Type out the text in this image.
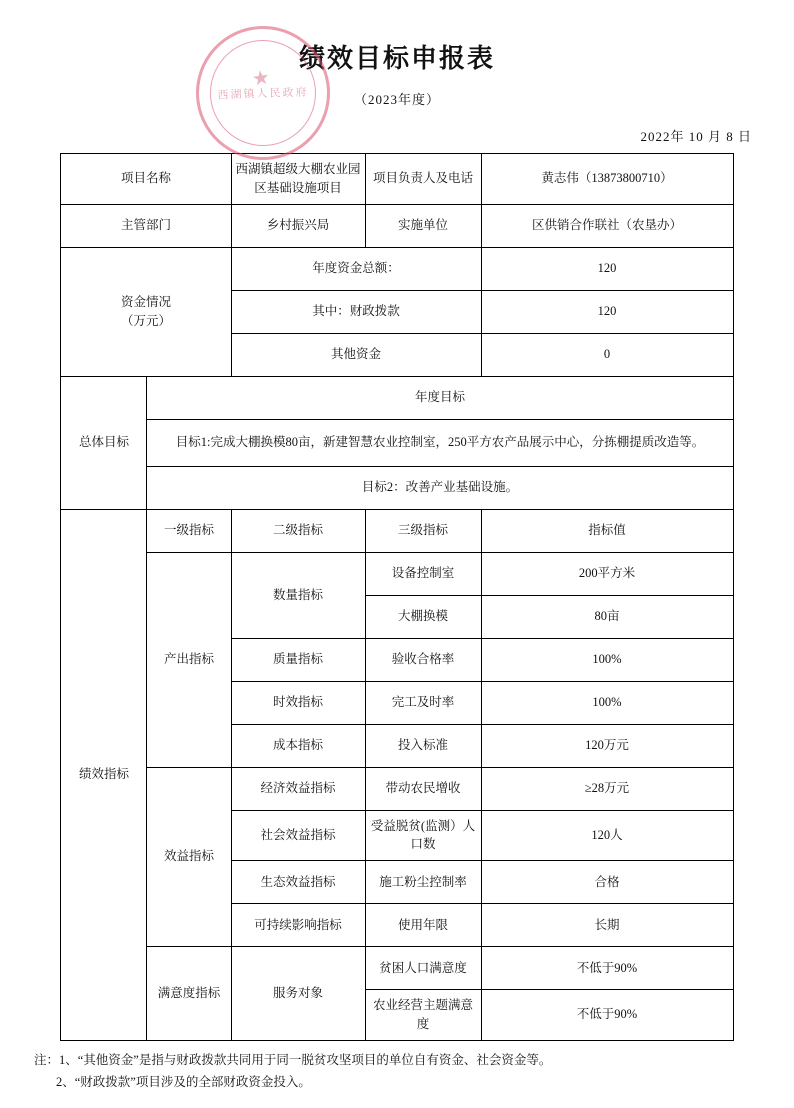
★
西湖镇人民政府
绩效目标申报表
（2023年度）
2022年 10 月 8 日
项目名称		西湖镇超级大棚农业园区基础设施项目	项目负责人及电话	黄志伟（13873800710）
主管部门		乡村振兴局	实施单位	区供销合作联社（农垦办）
资金情况
（万元）		年度资金总额：		120
		其中：财政拨款		120
		其他资金		0
总体目标	年度目标			
	目标1:完成大棚换模80亩，新建智慧农业控制室，250平方农产品展示中心，分拣棚提质改造等。			
	目标2：改善产业基础设施。			
绩效指标	一级指标	二级指标	三级指标	指标值
	产出指标	数量指标	设备控制室	200平方米
			大棚换模	80亩
		质量指标	验收合格率	100%
		时效指标	完工及时率	100%
		成本指标	投入标准	120万元
	效益指标	经济效益指标	带动农民增收	≥28万元
		社会效益指标	受益脱贫(监测）人口数	120人
		生态效益指标	施工粉尘控制率	合格
		可持续影响指标	使用年限	长期
	满意度指标	服务对象	贫困人口满意度	不低于90%
			农业经营主题满意度	不低于90%
注：1、“其他资金”是指与财政拨款共同用于同一脱贫攻坚项目的单位自有资金、社会资金等。
2、“财政拨款”项目涉及的全部财政资金投入。
